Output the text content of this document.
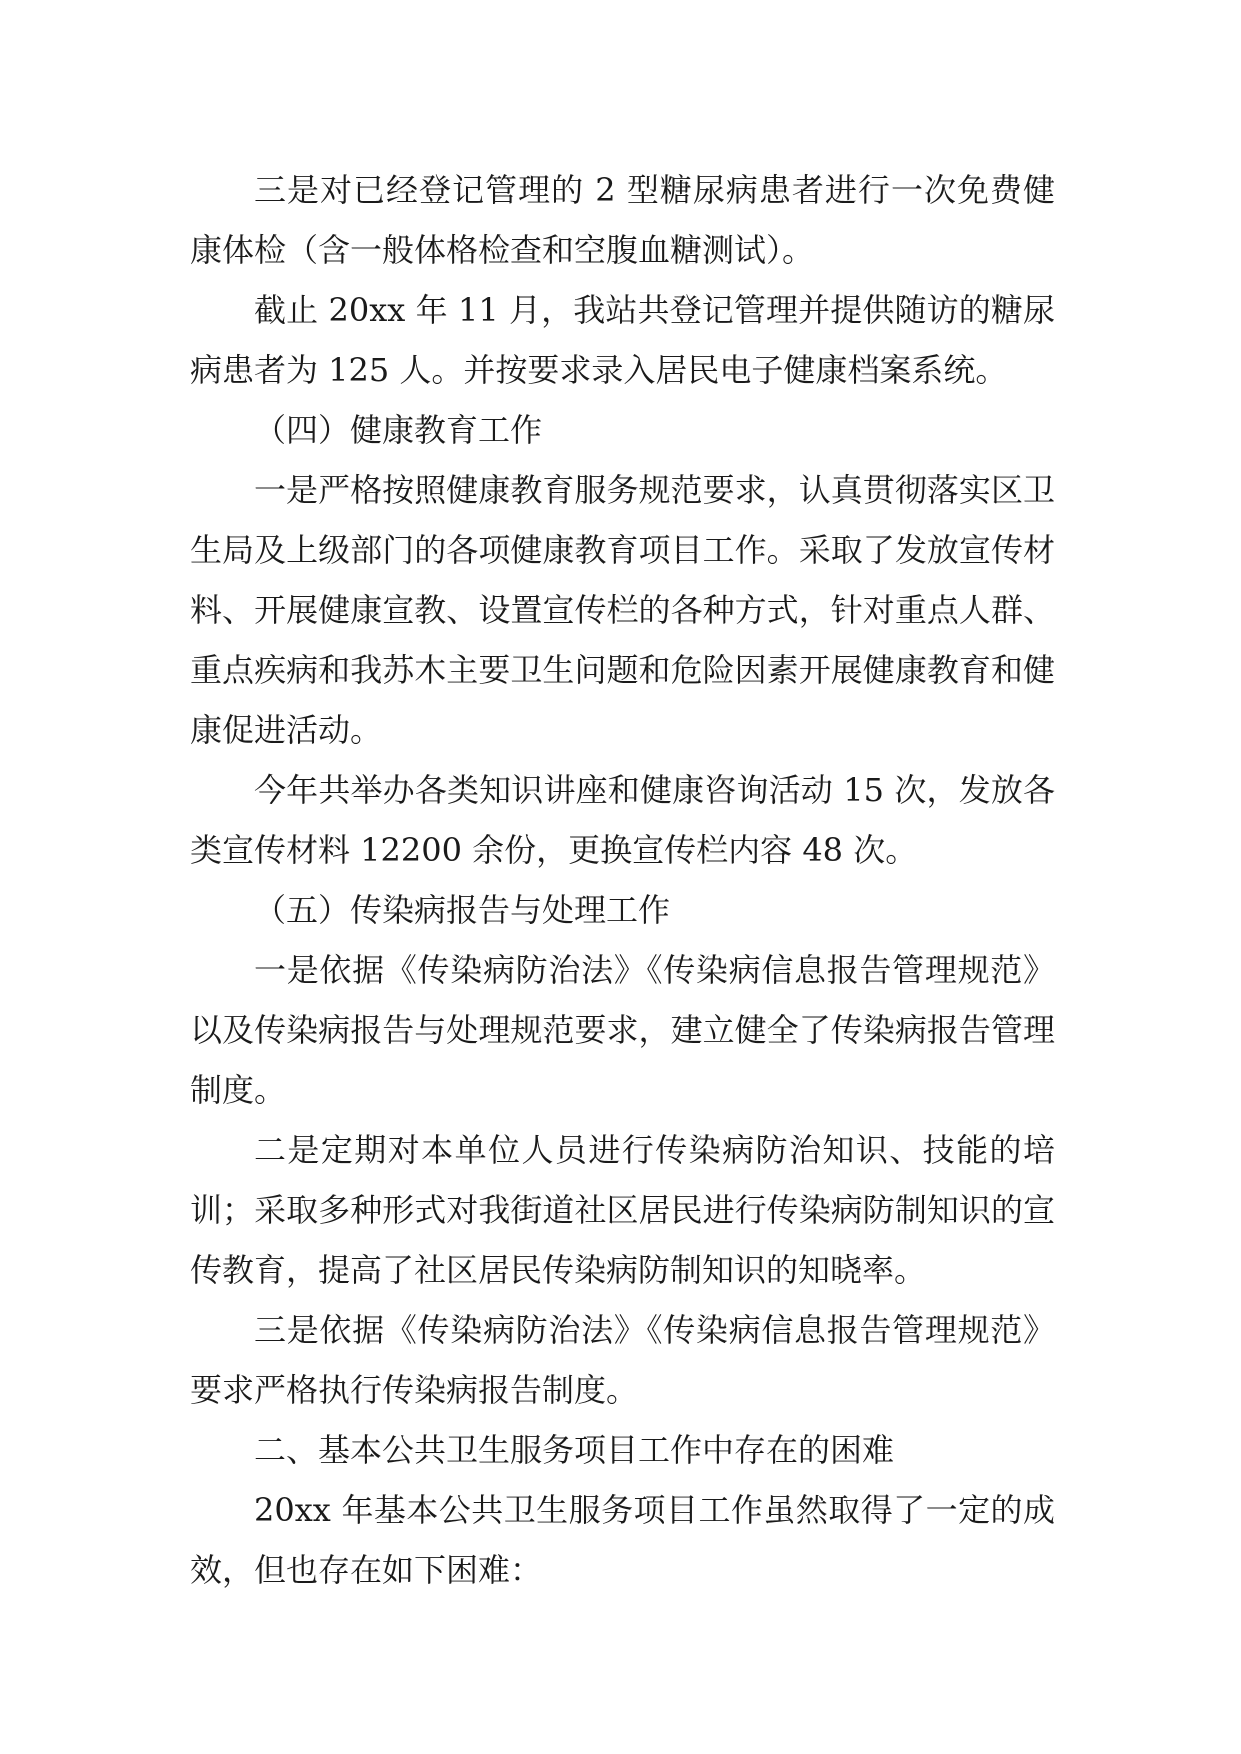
三是对已经登记管理的 2 型糖尿病患者进行一次免费健康体检（含一般体格检查和空腹血糖测试）。

截止 20xx 年 11 月，我站共登记管理并提供随访的糖尿病患者为 125 人。并按要求录入居民电子健康档案系统。

（四）健康教育工作

一是严格按照健康教育服务规范要求，认真贯彻落实区卫生局及上级部门的各项健康教育项目工作。采取了发放宣传材料、开展健康宣教、设置宣传栏的各种方式，针对重点人群、重点疾病和我苏木主要卫生问题和危险因素开展健康教育和健康促进活动。

今年共举办各类知识讲座和健康咨询活动 15 次，发放各类宣传材料 12200 余份，更换宣传栏内容 48 次。

（五）传染病报告与处理工作

一是依据《传染病防治法》《传染病信息报告管理规范》以及传染病报告与处理规范要求，建立健全了传染病报告管理制度。

二是定期对本单位人员进行传染病防治知识、技能的培训；采取多种形式对我街道社区居民进行传染病防制知识的宣传教育，提高了社区居民传染病防制知识的知晓率。

三是依据《传染病防治法》《传染病信息报告管理规范》要求严格执行传染病报告制度。

二、基本公共卫生服务项目工作中存在的困难

20xx 年基本公共卫生服务项目工作虽然取得了一定的成效，但也存在如下困难：
